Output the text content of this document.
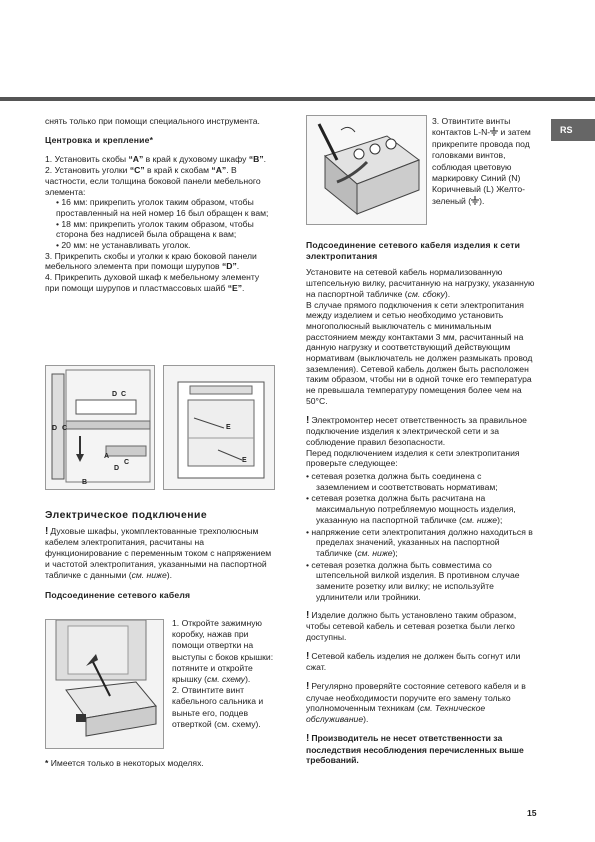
RS

снять только при помощи специального инструмента.

Центровка и крепление*
1. Установить скобы “A” в край к духовому шкафу “B”.
2. Установить уголки “C” в край к скобам “A”. В частности, если толщина боковой панели мебельного элемента:
• 16 мм: прикрепить уголок таким образом, чтобы проставленный на ней номер 16 был обращен к вам;
• 18 мм: прикрепить уголок таким образом, чтобы сторона без надписей была обращена к вам;
• 20 мм: не устанавливать уголок.
3. Прикрепить скобы и уголки к краю боковой панели мебельного элемента при помощи шурупов “D”.
4. Прикрепить духовой шкаф к мебельному элементу при помощи шурупов и пластмассовых шайб “E”.
D C
D C
A
C
D
B
E
E
Электрическое подключение

! Духовые шкафы, укомплектованные трехполюсным кабелем электропитания, расчитаны на функционирование с переменным током с напряжением и частотой электропитания, указанными на паспортной табличке с данными (см. ниже).

Подсоединение сетевого кабеля

1. Откройте зажимную коробку, нажав при помощи отвертки на выступы с боков крышки: потяните и откройте крышку (см. схему).

2. Отвинтите винт кабельного сальника и выньте его, подцев отверткой (см. схему).

* Имеется только в некоторых моделях.
3. Отвинтите винты контактов L-N- и затем прикрепите провода под головками винтов, соблюдая цветовую маркировку Синий (N) Коричневый (L) Желто-зеленый ( ).
Подсоединение сетевого кабеля изделия к сети электропитания

Установите на сетевой кабель нормализованную штепсельную вилку, расчитанную на нагрузку, указанную на паспортной табличке (см. сбоку).

В случае прямого подключения к сети электропитания между изделием и сетью необходимо установить многополюсный выключатель с минимальным расстоянием между контактами 3 мм, расчитанный на данную нагрузку и соответствующий действующим нормативам (выключатель не должен размыкать провод заземления). Сетевой кабель должен быть расположен таким образом, чтобы ни в одной точке его температура не превышала температуру помещения более чем на 50°C.

! Электромонтер несет ответственность за правильное подключение изделия к электрической сети и за соблюдение правил безопасности.

Перед подключением изделия к сети электропитания проверьте следующее:

• сетевая розетка должна быть соединена с заземлением и соответствовать нормативам;
• сетевая розетка должна быть расчитана на максимальную потребляемую мощность изделия, указанную на паспортной табличке (см. ниже);
• напряжение сети электропитания должно находиться в пределах значений, указанных на паспортной табличке (см. ниже);
• сетевая розетка должна быть совместима со штепсельной вилкой изделия. В противном случае замените розетку или вилку; не используйте удлинители или тройники.

! Изделие должно быть установлено таким образом, чтобы сетевой кабель и сетевая розетка были легко доступны.

! Сетевой кабель изделия не должен быть согнут или сжат.

! Регулярно проверяйте состояние сетевого кабеля и в случае необходимости поручите его замену только уполномоченным техникам (см. Техническое обслуживание).

! Производитель не несет ответственности за последствия несоблюдения перечисленных выше требований.

15
